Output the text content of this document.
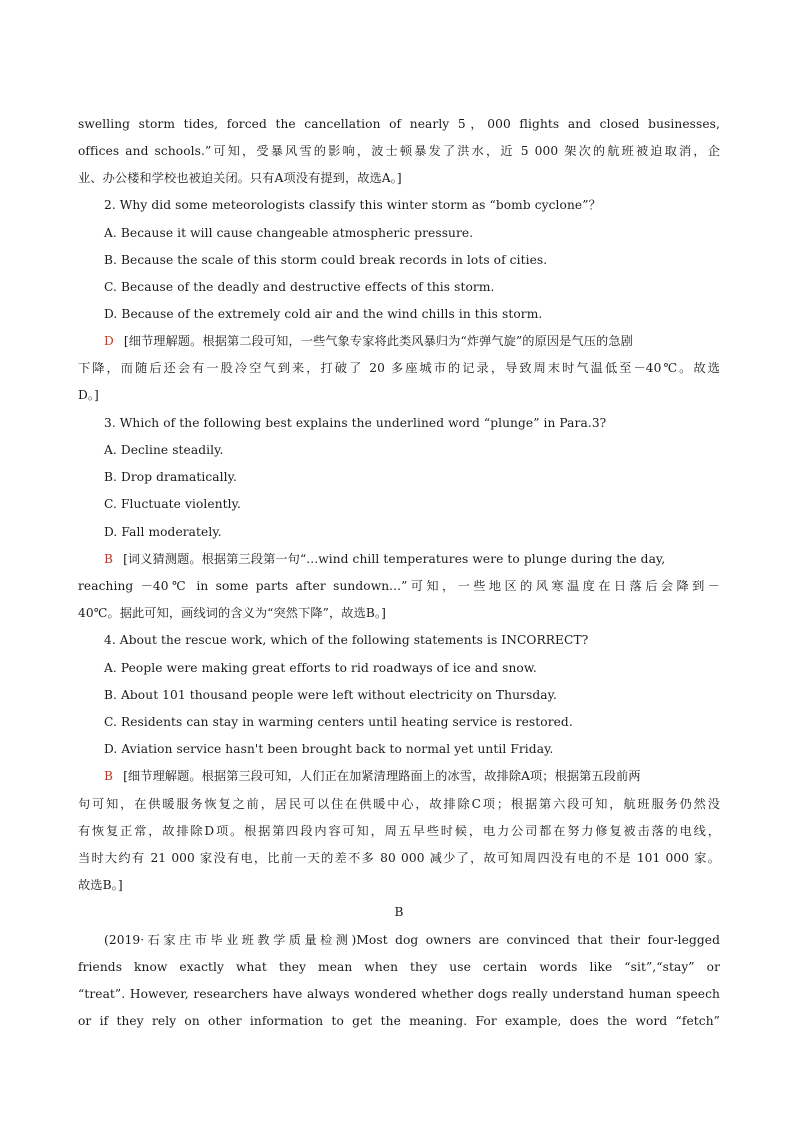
swelling storm tides, forced the cancellation of nearly 5，000 flights and closed businesses,
offices and schools.”可知，受暴风雪的影响，波士顿暴发了洪水，近 5 000 架次的航班被迫取消，企
业、办公楼和学校也被迫关闭。只有A项没有提到，故选A。]
2. Why did some meteorologists classify this winter storm as “bomb cyclone”？
A. Because it will cause changeable atmospheric pressure.
B. Because the scale of this storm could break records in lots of cities.
C. Because of the deadly and destructive effects of this storm.
D. Because of the extremely cold air and the wind chills in this storm.
D [细节理解题。根据第二段可知，一些气象专家将此类风暴归为“炸弹气旋”的原因是气压的急剧
下降，而随后还会有一股冷空气到来，打破了 20 多座城市的记录，导致周末时气温低至－40℃。故选
D。]
3. Which of the following best explains the underlined word “plunge” in Para.3?
A. Decline steadily.
B. Drop dramatically.
C. Fluctuate violently.
D. Fall moderately.
B [词义猜测题。根据第三段第一句“...wind chill temperatures were to plunge during the day,
reaching －40℃ in some parts after sundown...”可知，一些地区的风寒温度在日落后会降到－
40℃。据此可知，画线词的含义为“突然下降”，故选B。]
4. About the rescue work, which of the following statements is INCORRECT?
A. People were making great efforts to rid roadways of ice and snow.
B. About 101 thousand people were left without electricity on Thursday.
C. Residents can stay in warming centers until heating service is restored.
D. Aviation service hasn't been brought back to normal yet until Friday.
B [细节理解题。根据第三段可知，人们正在加紧清理路面上的冰雪，故排除A项；根据第五段前两
句可知，在供暖服务恢复之前，居民可以住在供暖中心，故排除C项；根据第六段可知，航班服务仍然没
有恢复正常，故排除D项。根据第四段内容可知，周五早些时候，电力公司都在努力修复被击落的电线，
当时大约有 21 000 家没有电，比前一天的差不多 80 000 减少了，故可知周四没有电的不是 101 000 家。
故选B。]
B
(2019·石家庄市毕业班教学质量检测)Most dog owners are convinced that their four-legged
friends know exactly what they mean when they use certain words like “sit”,“stay” or
“treat”. However, researchers have always wondered whether dogs really understand human speech
or if they rely on other information to get the meaning. For example, does the word “fetch”
